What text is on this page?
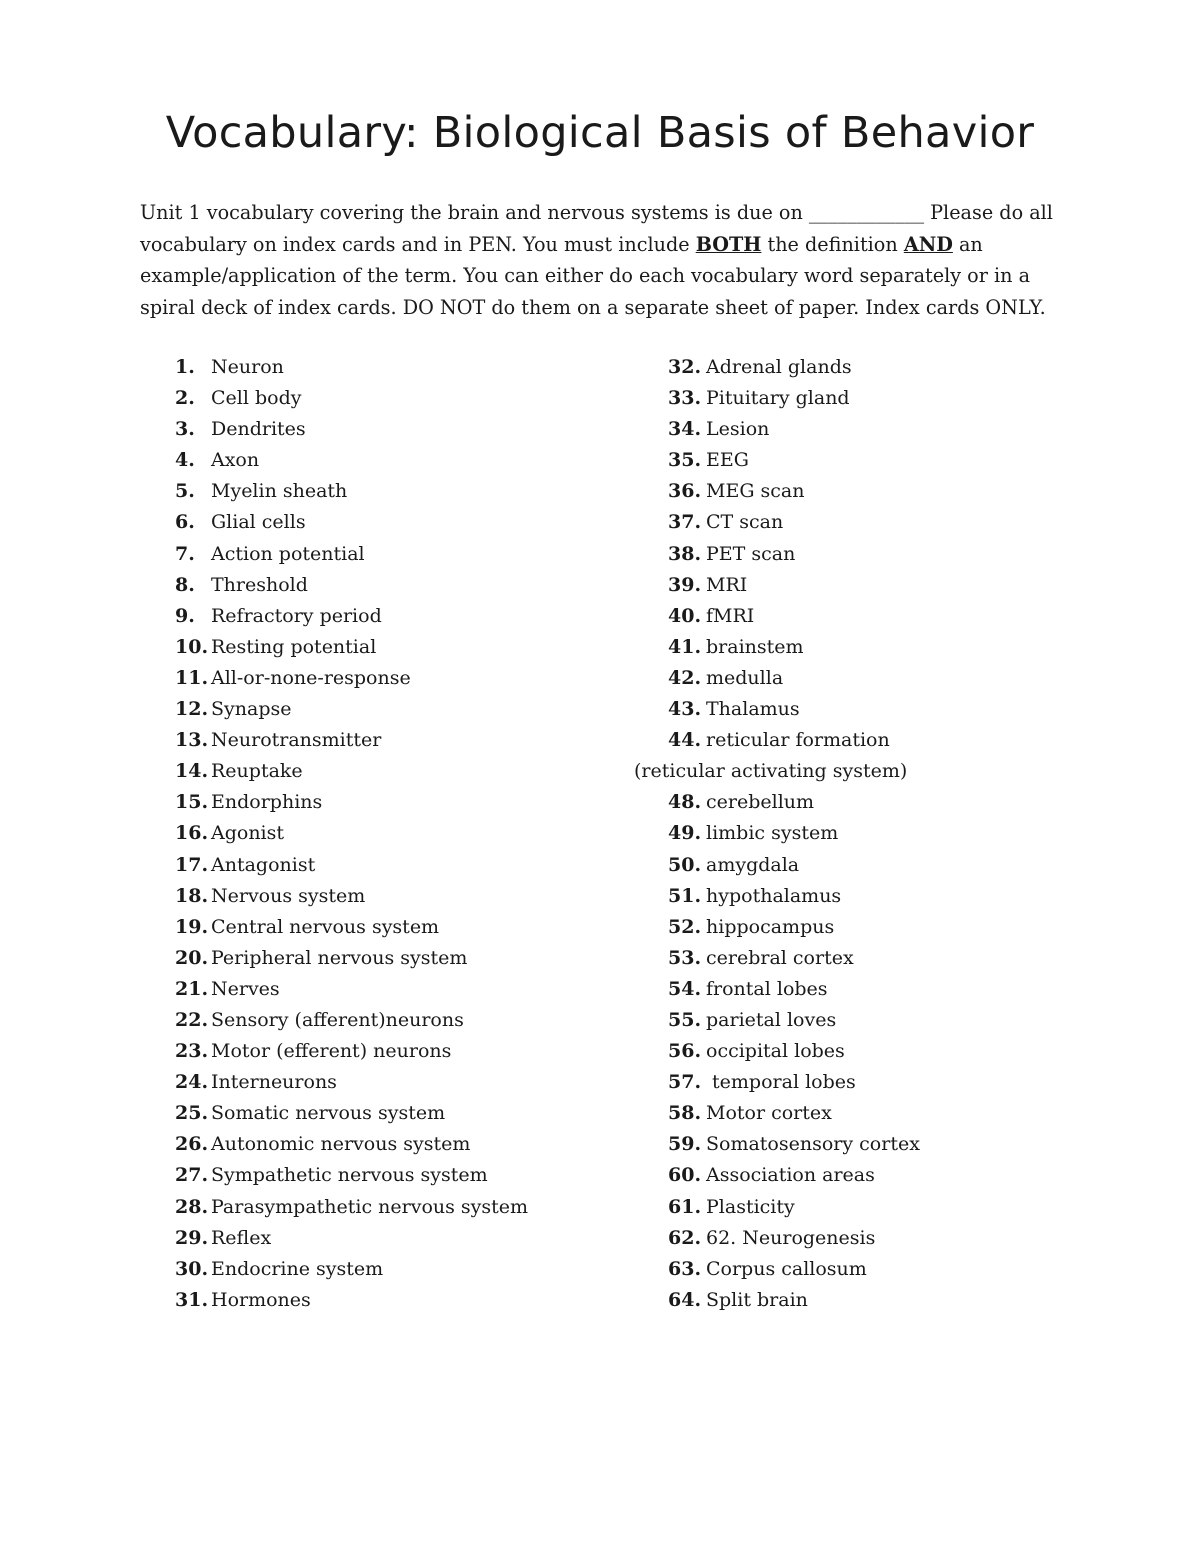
Vocabulary: Biological Basis of Behavior

Unit 1 vocabulary covering the brain and nervous systems is due on ____________ Please do all vocabulary on index cards and in PEN. You must include BOTH the definition AND an example/application of the term. You can either do each vocabulary word separately or in a spiral deck of index cards. DO NOT do them on a separate sheet of paper. Index cards ONLY.

1. Neuron
2. Cell body
3. Dendrites
4. Axon
5. Myelin sheath
6. Glial cells
7. Action potential
8. Threshold
9. Refractory period
10. Resting potential
11. All-or-none-response
12. Synapse
13. Neurotransmitter
14. Reuptake
15. Endorphins
16. Agonist
17. Antagonist
18. Nervous system
19. Central nervous system
20. Peripheral nervous system
21. Nerves
22. Sensory (afferent)neurons
23. Motor (efferent) neurons
24. Interneurons
25. Somatic nervous system
26. Autonomic nervous system
27. Sympathetic nervous system
28. Parasympathetic nervous system
29. Reflex
30. Endocrine system
31. Hormones
32. Adrenal glands
33. Pituitary gland
34. Lesion
35. EEG
36. MEG scan
37. CT scan
38. PET scan
39. MRI
40. fMRI
41. brainstem
42. medulla
43. Thalamus
44. reticular formation
(reticular activating system)
48. cerebellum
49. limbic system
50. amygdala
51. hypothalamus
52. hippocampus
53. cerebral cortex
54. frontal lobes
55. parietal loves
56. occipital lobes
57. temporal lobes
58. Motor cortex
59. Somatosensory cortex
60. Association areas
61. Plasticity
62. 62. Neurogenesis
63. Corpus callosum
64. Split brain
